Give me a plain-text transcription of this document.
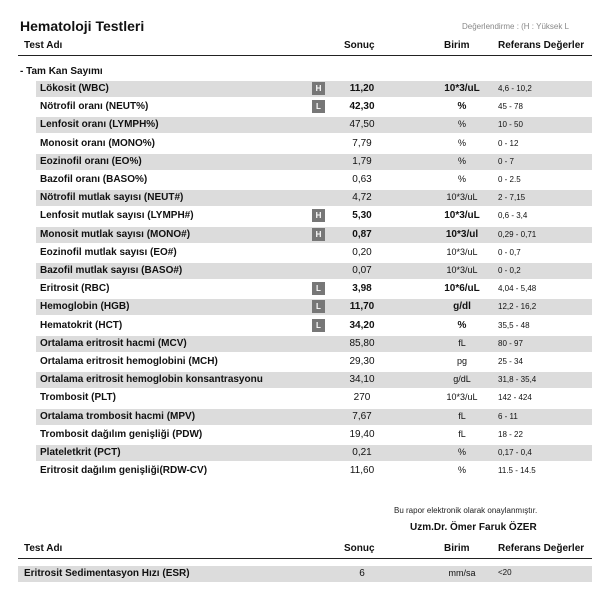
Hematoloji Testleri	Değerlendirme : (H : Yüksek L
Test Adı	Sonuç	Birim	Referans Değerler
- Tam Kan Sayımı
Lökosit (WBC)	H	11,20	10*3/uL	4,6 - 10,2
Nötrofil oranı (NEUT%)	L	42,30	%	45 - 78
Lenfosit oranı (LYMPH%)	47,50	%	10 - 50
Monosit oranı (MONO%)	7,79	%	0 - 12
Eozinofil oranı (EO%)	1,79	%	0 - 7
Bazofil oranı (BASO%)	0,63	%	0 - 2.5
Nötrofil mutlak sayısı (NEUT#)	4,72	10*3/uL	2 - 7,15
Lenfosit mutlak sayısı (LYMPH#)	H	5,30	10*3/uL	0,6 - 3,4
Monosit mutlak sayısı (MONO#)	H	0,87	10*3/ul	0,29 - 0,71
Eozinofil mutlak sayısı (EO#)	0,20	10*3/uL	0 - 0,7
Bazofil mutlak sayısı (BASO#)	0,07	10*3/uL	0 - 0,2
Eritrosit (RBC)	L	3,98	10*6/uL	4,04 - 5,48
Hemoglobin (HGB)	L	11,70	g/dl	12,2 - 16,2
Hematokrit (HCT)	L	34,20	%	35,5 - 48
Ortalama eritrosit hacmi (MCV)	85,80	fL	80 - 97
Ortalama eritrosit hemoglobini (MCH)	29,30	pg	25 - 34
Ortalama eritrosit hemoglobin konsantrasyonu	34,10	g/dL	31,8 - 35,4
Trombosit (PLT)	270	10*3/uL	142 - 424
Ortalama trombosit hacmi (MPV)	7,67	fL	6 - 11
Trombosit dağılım genişliği (PDW)	19,40	fL	18 - 22
Plateletkrit (PCT)	0,21	%	0,17 - 0,4
Eritrosit dağılım genişliği(RDW-CV)	11,60	%	11.5 - 14.5
Bu rapor elektronik olarak onaylanmıştır.
Uzm.Dr. Ömer Faruk ÖZER
Test Adı	Sonuç	Birim	Referans Değerler
Eritrosit Sedimentasyon Hızı (ESR)	6	mm/sa	<20
